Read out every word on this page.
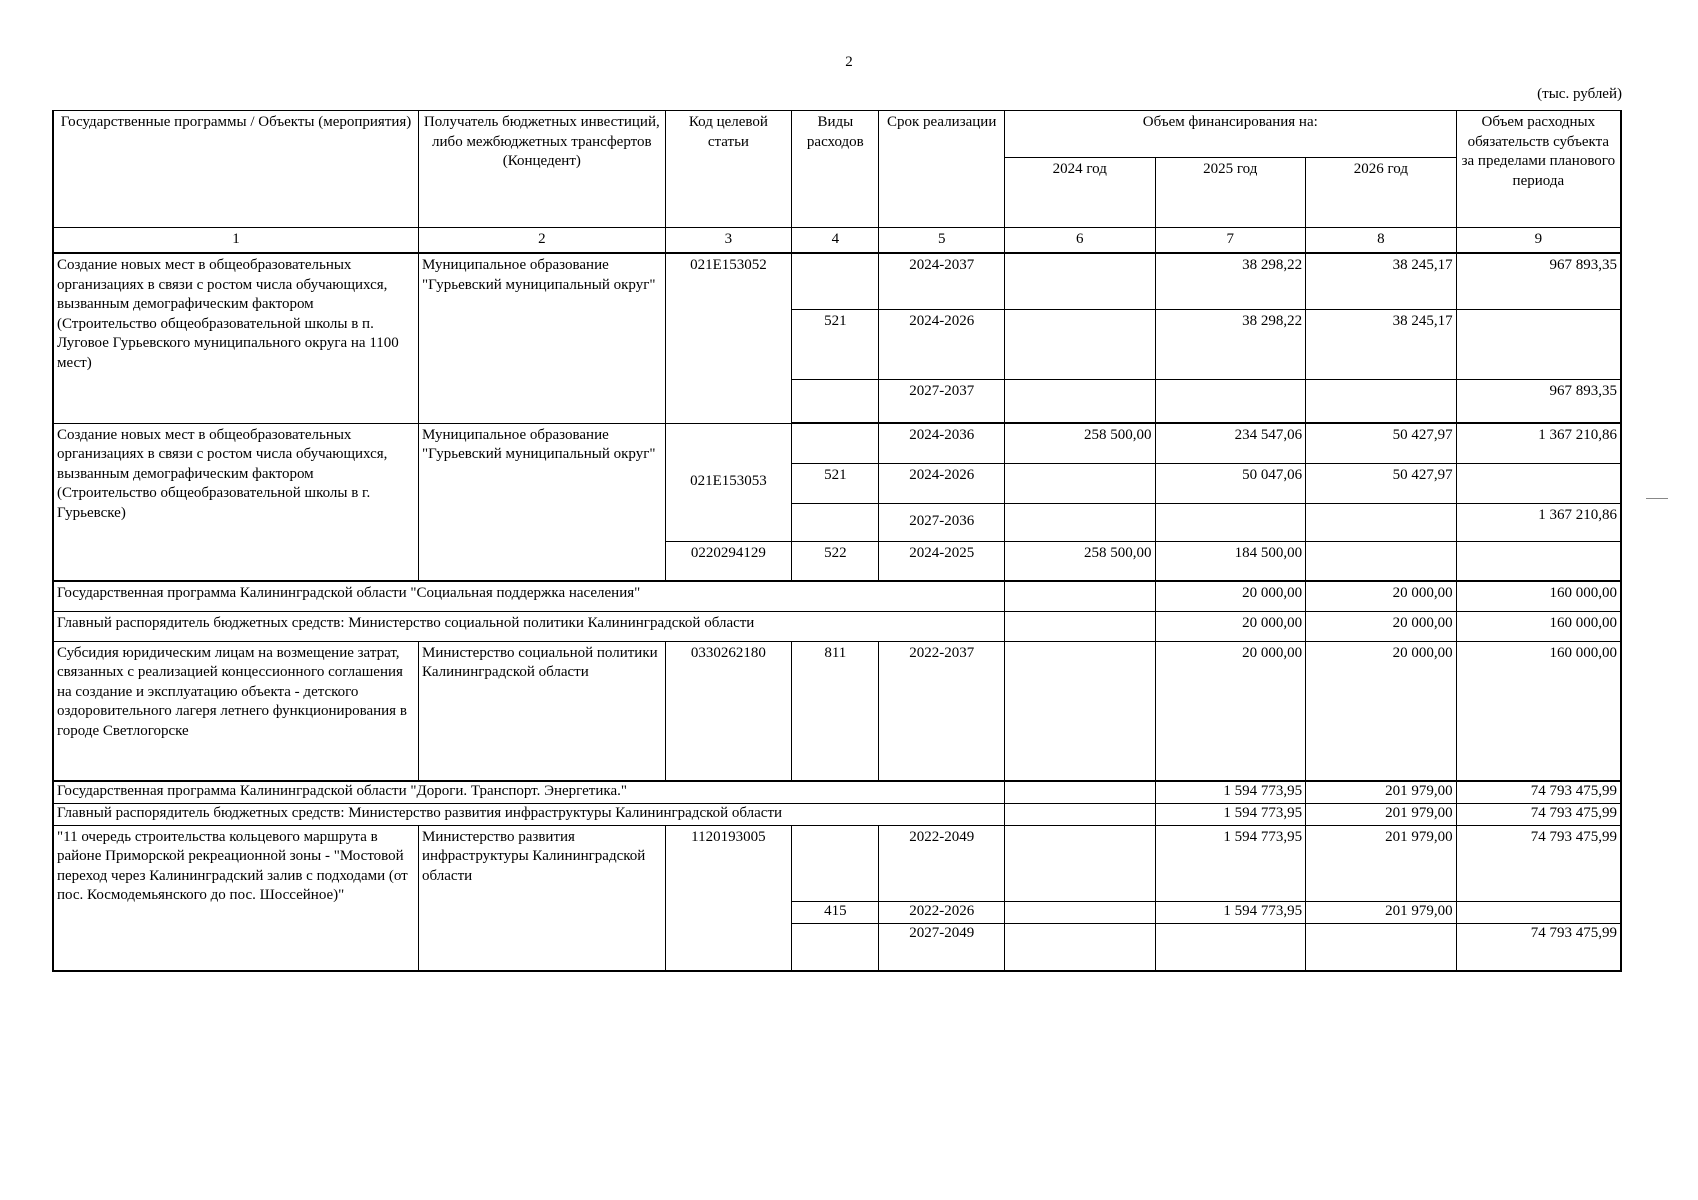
2
(тыс. рублей)
Государственные программы / Объекты (мероприятия)	Получатель бюджетных инвестиций, либо межбюджетных трансфертов (Концедент)	Код целевой статьи	Виды расходов	Срок реализации	Объем финансирования на:			Объем расходных обязательств субъекта за пределами планового периода
					2024 год	2025 год	2026 год	
1	2	3	4	5	6	7	8	9
Создание новых мест в общеобразовательных организациях в связи с ростом числа обучающихся, вызванным демографическим фактором (Строительство общеобразовательной школы в п. Луговое Гурьевского муниципального округа на 1100 мест)	Муниципальное образование "Гурьевский муниципальный округ"	021E153052		2024-2037		38 298,22	38 245,17	967 893,35
			521	2024-2026		38 298,22	38 245,17	
				2027-2037				967 893,35
Создание новых мест в общеобразовательных организациях в связи с ростом числа обучающихся, вызванным демографическим фактором (Строительство общеобразовательной школы в г. Гурьевске)	Муниципальное образование "Гурьевский муниципальный округ"	021E153053		2024-2036	258 500,00	234 547,06	50 427,97	1 367 210,86
			521	2024-2026		50 047,06	50 427,97	
				2027-2036				1 367 210,86
		0220294129	522	2024-2025	258 500,00	184 500,00		
Государственная программа Калининградской области "Социальная поддержка населения"						20 000,00	20 000,00	160 000,00
Главный распорядитель бюджетных средств: Министерство социальной политики Калининградской области						20 000,00	20 000,00	160 000,00
Субсидия юридическим лицам на возмещение затрат, связанных с реализацией концессионного соглашения на создание и эксплуатацию объекта - детского оздоровительного лагеря летнего функционирования в городе Светлогорске	Министерство социальной политики Калининградской области	0330262180	811	2022-2037		20 000,00	20 000,00	160 000,00
Государственная программа Калининградской области "Дороги. Транспорт. Энергетика."						1 594 773,95	201 979,00	74 793 475,99
Главный распорядитель бюджетных средств: Министерство развития инфраструктуры Калининградской области						1 594 773,95	201 979,00	74 793 475,99
"11 очередь строительства кольцевого маршрута в районе Приморской рекреационной зоны - "Мостовой переход через Калининградский залив с подходами (от пос. Космодемьянского до пос. Шоссейное)"	Министерство развития инфраструктуры Калининградской области	1120193005		2022-2049		1 594 773,95	201 979,00	74 793 475,99
			415	2022-2026		1 594 773,95	201 979,00	
				2027-2049				74 793 475,99
